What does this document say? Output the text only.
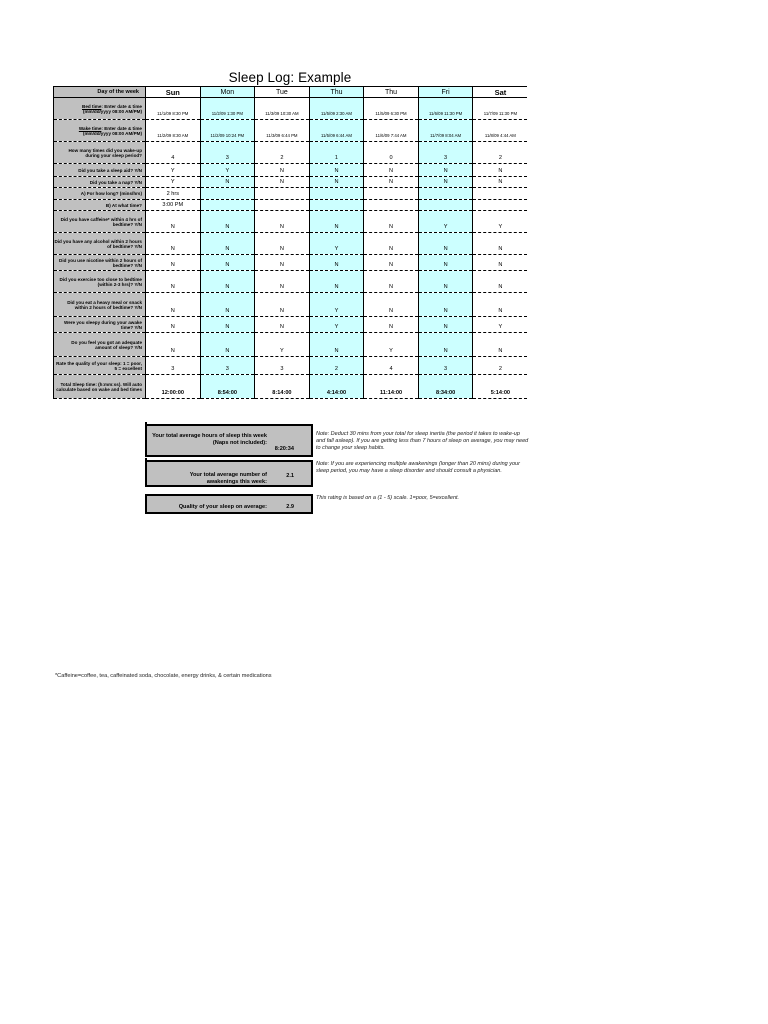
Sleep Log: Example
Day of the week	Sun	Mon	Tue	Thu	Thu	Fri	Sat
Bed time: Enter date & time (mm/dd/yyyy 08:00 AM/PM)	11/1/09 8:30 PM	11/2/09 1:30 PM	11/3/09 10:30 AM	11/5/09 2:30 AM	11/5/09 6:30 PM	11/6/09 11:30 PM	11/7/09 11:30 PM
Wake time: Enter date & time (mm/dd/yyyy 08:00 AM/PM)	11/2/09 8:30 AM	11/2/09 10:24 PM	11/3/09 6:44 PM	11/5/09 6:44 AM	11/6/09 7:44 AM	11/7/09 8:04 AM	11/8/09 4:44 AM
How many times did you wake-up during your sleep period?	4	3	2	1	0	3	2
Did you take a sleep aid? Y/N	Y	Y	N	N	N	N	N
Did you take a nap? Y/N	Y	N	N	N	N	N	N
A) For how long? (mins/hrs)	2 hrs						
B) At what time?	3:00 PM						
Did you have caffeine* within 4 hrs of bedtime? Y/N	N	N	N	N	N	Y	Y
Did you have any alcohol within 2 hours of bedtime? Y/N	N	N	N	Y	N	N	N
Did you use nicotine within 2 hours of bedtime? Y/N	N	N	N	N	N	N	N
Did you exercise too close to bedtime (within 2-3 hrs)? Y/N	N	N	N	N	N	N	N
Did you eat a heavy meal or snack within 2 hours of bedtime? Y/N	N	N	N	Y	N	N	N
Were you sleepy during your awake time? Y/N	N	N	N	Y	N	N	Y
Do you feel you got an adequate amount of sleep? Y/N	N	N	Y	N	Y	N	N
Rate the quality of your sleep: 1 = poor, 5 = excellent	3	3	3	2	4	3	2
Total Sleep time: (h:mm:ss). Will auto calculate based on wake and bed times	12:00:00	8:54:00	8:14:00	4:14:00	11:14:00	8:34:00	5:14:00
Your total average hours of sleep this week
(Naps not included):
8:20:34
Your total average number of awakenings this week:
2.1
Quality of your sleep on average:	2.9
Note: Deduct 30 mins from your total for sleep inertia (the period it takes to wake-up and fall asleep). If you are getting less than 7 hours of sleep on average, you may need to change your sleep habits.
Note: If you are experiencing multiple awakenings (longer than 20 mins) during your sleep period, you may have a sleep disorder and should consult a physician.
This rating is based on a (1 - 5) scale. 1=poor, 5=excellent.
*Caffeine=coffee, tea, caffeinated soda, chocolate, energy drinks, & certain medications
